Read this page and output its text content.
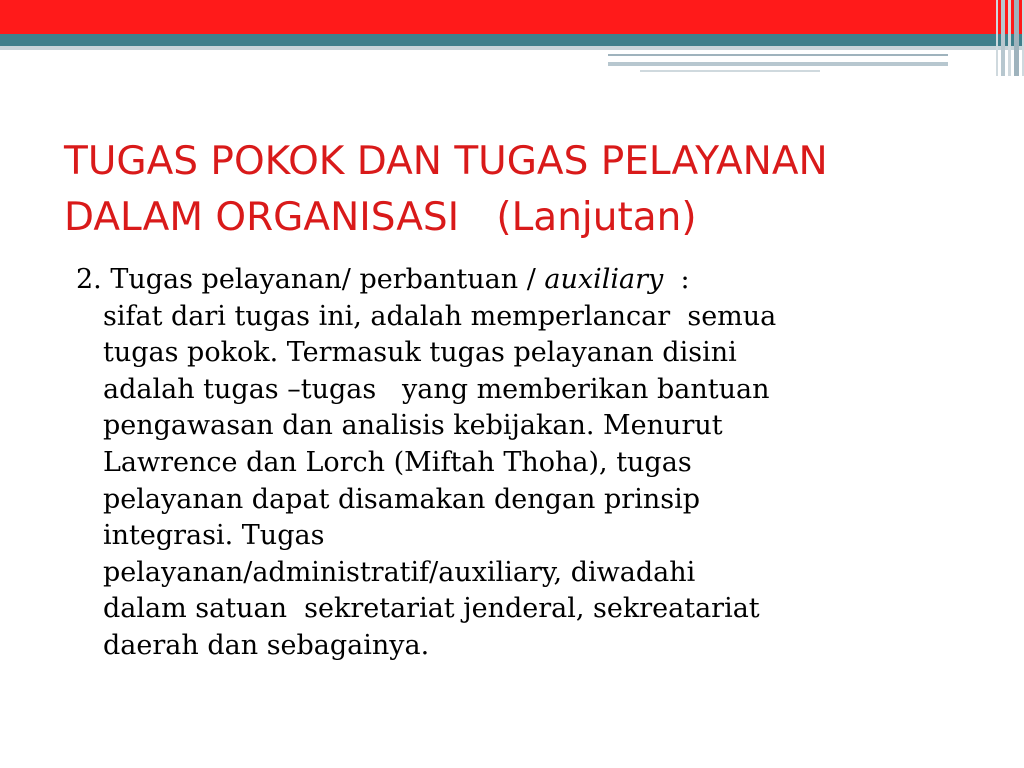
TUGAS POKOK DAN TUGAS PELAYANAN
DALAM ORGANISASI   (Lanjutan)
2. Tugas pelayanan/ perbantuan / auxiliary  :
sifat dari tugas ini, adalah memperlancar  semua
tugas pokok. Termasuk tugas pelayanan disini
adalah tugas –tugas   yang memberikan bantuan
pengawasan dan analisis kebijakan. Menurut
Lawrence dan Lorch (Miftah Thoha), tugas
pelayanan dapat disamakan dengan prinsip
integrasi. Tugas
pelayanan/administratif/auxiliary, diwadahi
dalam satuan  sekretariat jenderal, sekreatariat
daerah dan sebagainya.
